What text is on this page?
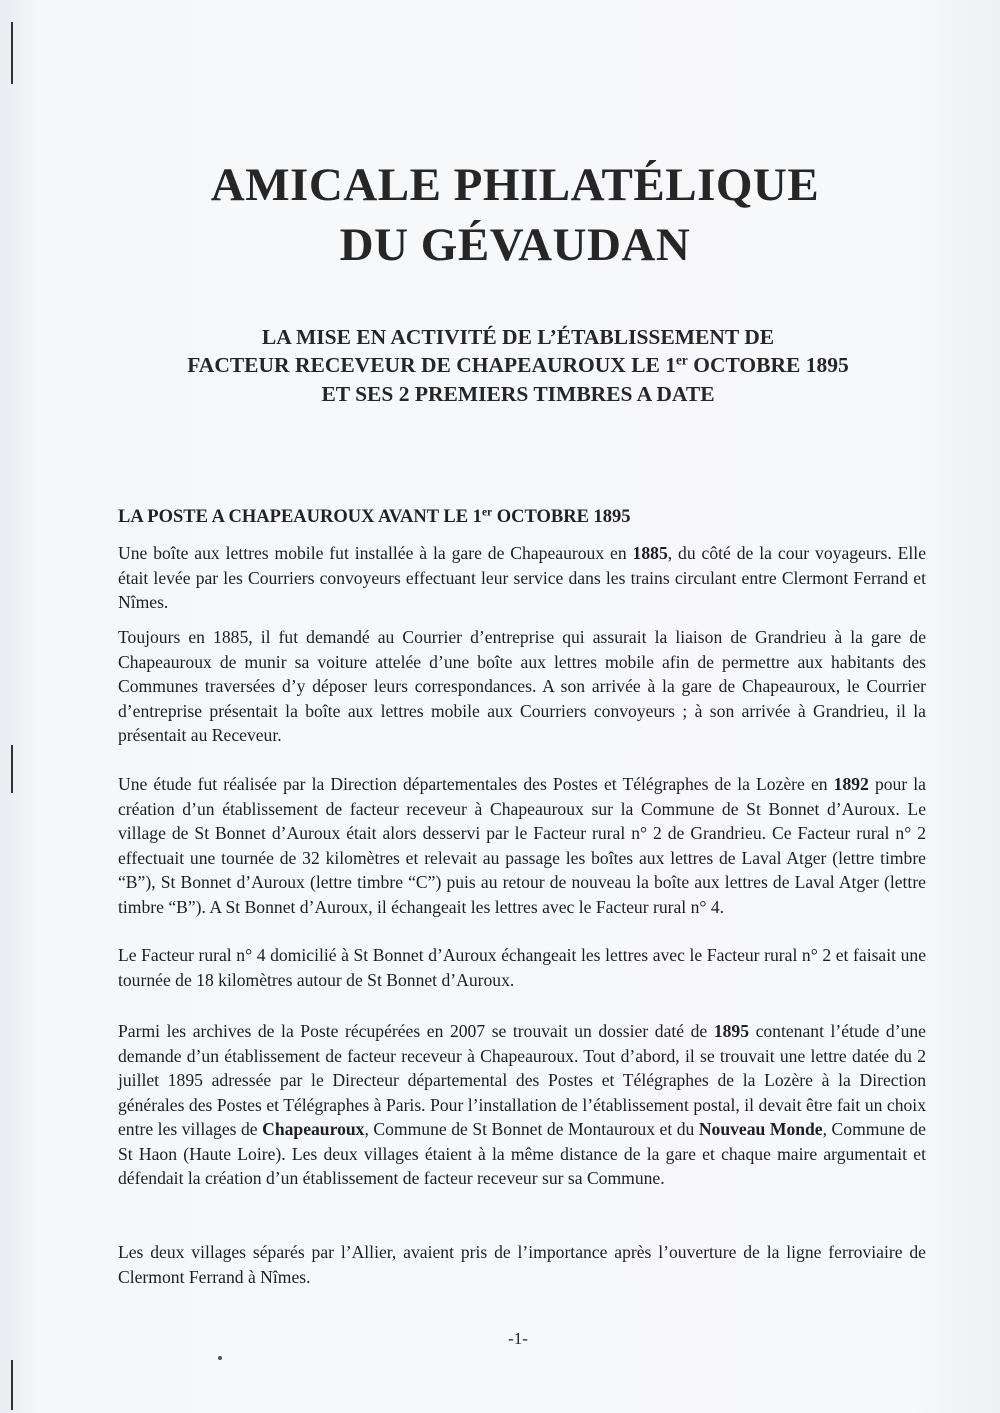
AMICALE PHILATÉLIQUE
DU GÉVAUDAN

LA MISE EN ACTIVITÉ DE L’ÉTABLISSEMENT DE

FACTEUR RECEVEUR DE CHAPEAUROUX LE 1er OCTOBRE 1895

ET SES 2 PREMIERS TIMBRES A DATE

LA POSTE A CHAPEAUROUX AVANT LE 1er OCTOBRE 1895

Une boîte aux lettres mobile fut installée à la gare de Chapeauroux en 1885, du côté de la cour voyageurs. Elle était levée par les Courriers convoyeurs effectuant leur service dans les trains circulant entre Clermont Ferrand et Nîmes.

Toujours en 1885, il fut demandé au Courrier d’entreprise qui assurait la liaison de Grandrieu à la gare de Chapeauroux de munir sa voiture attelée d’une boîte aux lettres mobile afin de permettre aux habitants des Communes traversées d’y déposer leurs correspondances. A son arrivée à la gare de Chapeauroux, le Courrier d’entreprise présentait la boîte aux lettres mobile aux Courriers convoyeurs ; à son arrivée à Grandrieu, il la présentait au Receveur.

Une étude fut réalisée par la Direction départementales des Postes et Télégraphes de la Lozère en 1892 pour la création d’un établissement de facteur receveur à Chapeauroux sur la Commune de St Bonnet d’Auroux. Le village de St Bonnet d’Auroux était alors desservi par le Facteur rural n° 2 de Grandrieu. Ce Facteur rural n° 2 effectuait une tournée de 32 kilomètres et relevait au passage les boîtes aux lettres de Laval Atger (lettre timbre “B”), St Bonnet d’Auroux (lettre timbre “C”) puis au retour de nouveau la boîte aux lettres de Laval Atger (lettre timbre “B”). A St Bonnet d’Auroux, il échangeait les lettres avec le Facteur rural n° 4.

Le Facteur rural n° 4 domicilié à St Bonnet d’Auroux échangeait les lettres avec le Facteur rural n° 2 et faisait une tournée de 18 kilomètres autour de St Bonnet d’Auroux.

Parmi les archives de la Poste récupérées en 2007 se trouvait un dossier daté de 1895 contenant l’étude d’une demande d’un établissement de facteur receveur à Chapeauroux. Tout d’abord, il se trouvait une lettre datée du 2 juillet 1895 adressée par le Directeur départemental des Postes et Télégraphes de la Lozère à la Direction générales des Postes et Télégraphes à Paris. Pour l’installation de l’établissement postal, il devait être fait un choix entre les villages de Chapeauroux, Commune de St Bonnet de Montauroux et du Nouveau Monde, Commune de St Haon (Haute Loire). Les deux villages étaient à la même distance de la gare et chaque maire argumentait et défendait la création d’un établissement de facteur receveur sur sa Commune.

Les deux villages séparés par l’Allier, avaient pris de l’importance après l’ouverture de la ligne ferroviaire de Clermont Ferrand à Nîmes.

-1-
